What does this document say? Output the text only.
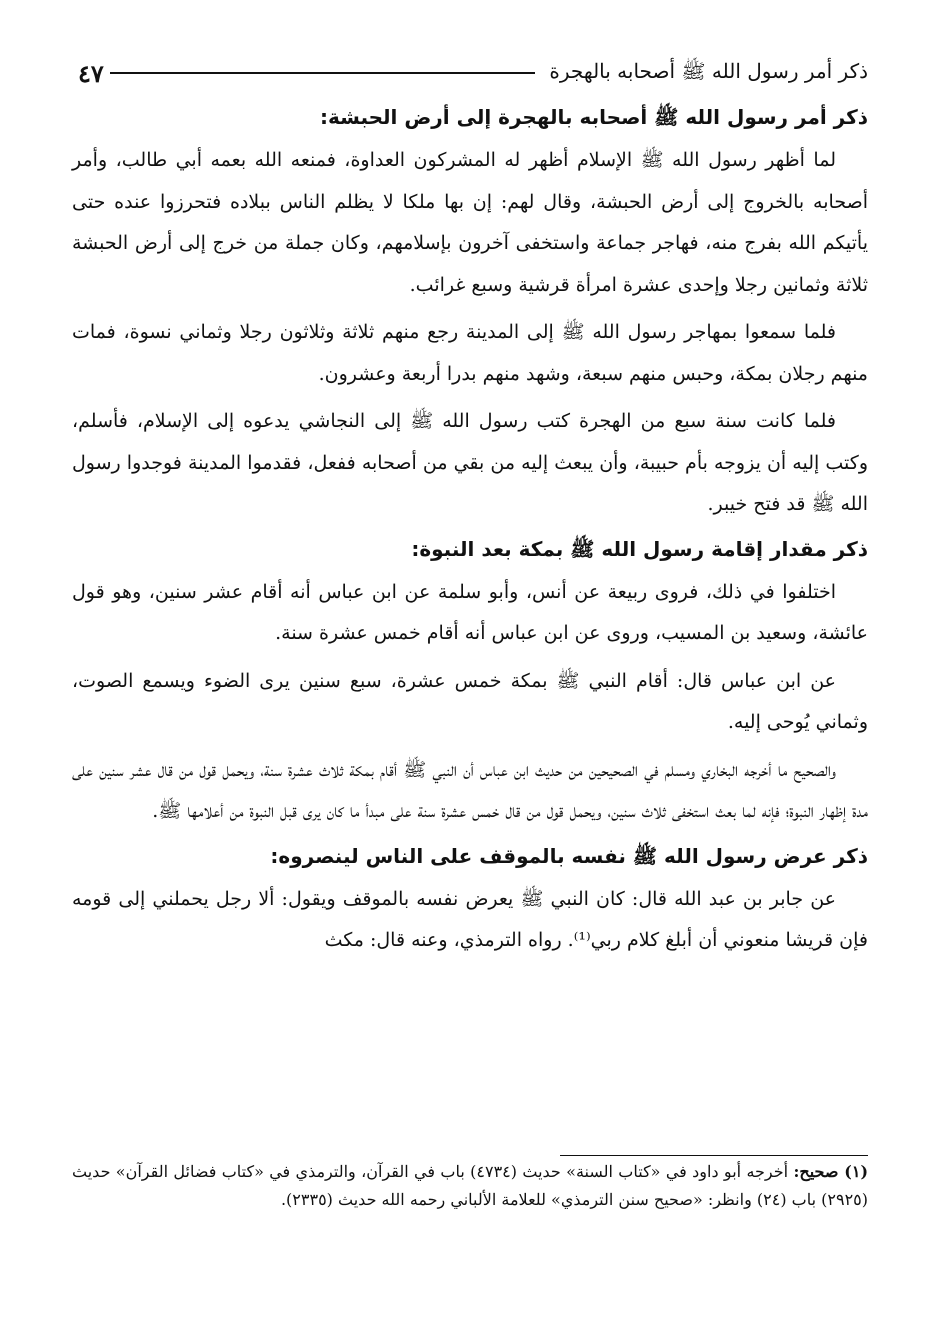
ذكر أمر رسول الله ﷺ أصحابه بالهجرة
٤٧
ذكر أمر رسول الله ﷺ أصحابه بالهجرة إلى أرض الحبشة:

لما أظهر رسول الله ﷺ الإسلام أظهر له المشركون العداوة، فمنعه الله بعمه أبي طالب، وأمر أصحابه بالخروج إلى أرض الحبشة، وقال لهم: إن بها ملكا لا يظلم الناس ببلاده فتحرزوا عنده حتى يأتيكم الله بفرج منه، فهاجر جماعة واستخفى آخرون بإسلامهم، وكان جملة من خرج إلى أرض الحبشة ثلاثة وثمانين رجلا وإحدى عشرة امرأة قرشية وسبع غرائب.

فلما سمعوا بمهاجر رسول الله ﷺ إلى المدينة رجع منهم ثلاثة وثلاثون رجلا وثماني نسوة، فمات منهم رجلان بمكة، وحبس منهم سبعة، وشهد منهم بدرا أربعة وعشرون.

فلما كانت سنة سبع من الهجرة كتب رسول الله ﷺ إلى النجاشي يدعوه إلى الإسلام، فأسلم، وكتب إليه أن يزوجه بأم حبيبة، وأن يبعث إليه من بقي من أصحابه ففعل، فقدموا المدينة فوجدوا رسول الله ﷺ قد فتح خيبر.

ذكر مقدار إقامة رسول الله ﷺ بمكة بعد النبوة:

اختلفوا في ذلك، فروى ربيعة عن أنس، وأبو سلمة عن ابن عباس أنه أقام عشر سنين، وهو قول عائشة، وسعيد بن المسيب، وروى عن ابن عباس أنه أقام خمس عشرة سنة.

عن ابن عباس قال: أقام النبي ﷺ بمكة خمس عشرة، سبع سنين يرى الضوء ويسمع الصوت، وثماني يُوحى إليه.

والصحيح ما أخرجه البخاري ومسلم في الصحيحين من حديث ابن عباس أن النبي ﷺ أقام بمكة ثلاث عشرة سنة، ويحمل قول من قال عشر سنين على مدة إظهار النبوة؛ فإنه لما بعث استخفى ثلاث سنين، ويحمل قول من قال خمس عشرة سنة على مبدأ ما كان يرى قبل النبوة من أعلامها ﷺ.

ذكر عرض رسول الله ﷺ نفسه بالموقف على الناس لينصروه:

عن جابر بن عبد الله قال: كان النبي ﷺ يعرض نفسه بالموقف ويقول: ألا رجل يحملني إلى قومه فإن قريشا منعوني أن أبلغ كلام ربي⁽¹⁾. رواه الترمذي، وعنه قال: مكث

(١) صحيح: أخرجه أبو داود في «كتاب السنة» حديث (٤٧٣٤) باب في القرآن، والترمذي في «كتاب فضائل القرآن» حديث (٢٩٢٥) باب (٢٤) وانظر: «صحيح سنن الترمذي» للعلامة الألباني رحمه الله حديث (٢٣٣٥).
